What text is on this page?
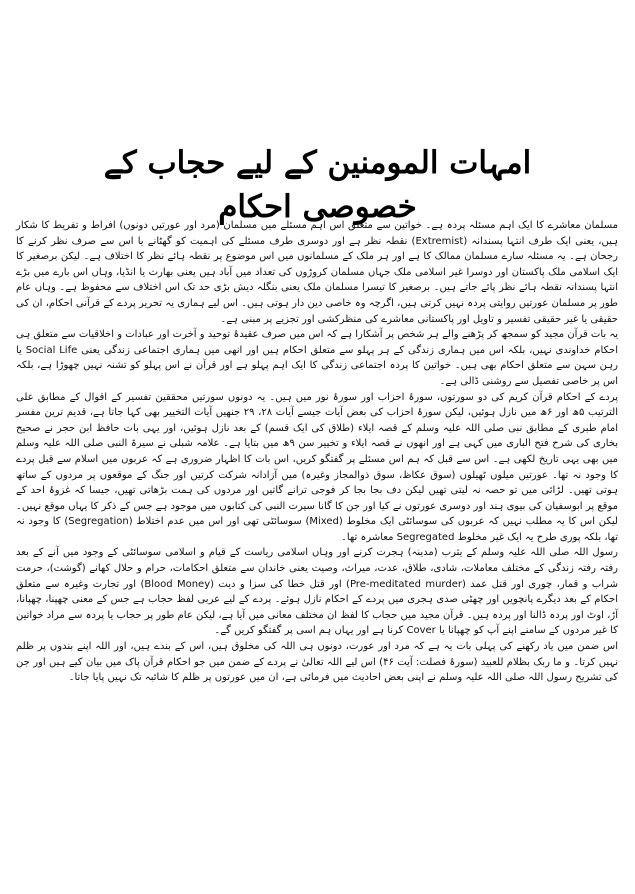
امہات المومنین کے لیے حجاب کے خصوصی احکام

مسلمان معاشرے کا ایک اہم مسئلہ پردہ ہے۔ خواتین سے متعلق اس اہم مسئلے میں مسلمان (مرد اور عورتیں دونوں) افراط و تفریط کا شکار ہیں، یعنی ایک طرف انتہا پسندانہ (Extremist) نقطہ نظر ہے اور دوسری طرف مسئلے کی اہمیت کو گھٹانے یا اس سے صرف نظر کرنے کا رجحان ہے۔ یہ مسئلہ سارے مسلمان ممالک کا ہے اور ہر ملک کے مسلمانوں میں اس موضوع پر نقطہ ہائے نظر کا اختلاف ہے۔ لیکن برصغیر کا ایک اسلامی ملک پاکستان اور دوسرا غیر اسلامی ملک جہاں مسلمان کروڑوں کی تعداد میں آباد ہیں یعنی بھارت یا انڈیا، وہاں اس بارے میں بڑے انتہا پسندانہ نقطہ ہائے نظر پائے جاتے ہیں۔ برصغیر کا تیسرا مسلمان ملک یعنی بنگلہ دیش بڑی حد تک اس اختلاف سے محفوظ ہے۔ وہاں عام طور پر مسلمان عورتیں روایتی پردہ نہیں کرتی ہیں، اگرچہ وہ خاصی دین دار ہوتی ہیں۔ اس لیے ہماری یہ تحریر پردے کے قرآنی احکام، ان کی حقیقی یا غیر حقیقی تفسیر و تاویل اور پاکستانی معاشرے کی منظرکشی اور تجزیے پر مبنی ہے۔

یہ بات قرآن مجید کو سمجھ کر پڑھنے والے ہر شخص پر آشکارا ہے کہ اس میں صرف عقیدۂ توحید و آخرت اور عبادات و اخلاقیات سے متعلق ہی احکام خداوندی نہیں، بلکہ اس میں ہماری زندگی کے ہر پہلو سے متعلق احکام ہیں اور انھی میں ہماری اجتماعی زندگی یعنی Social Life یا رہن سہن سے متعلق احکام بھی ہیں۔ خواتین کا پردہ اجتماعی زندگی کا ایک اہم پہلو ہے اور قرآن نے اس پہلو کو تشنہ نہیں چھوڑا ہے، بلکہ اس پر خاصی تفصیل سے روشنی ڈالی ہے۔

پردے کے احکام قرآن کریم کی دو سورتوں، سورۂ احزاب اور سورۂ نور میں ہیں۔ یہ دونوں سورتیں محققین تفسیر کے اقوال کے مطابق علی الترتیب ۵ھ اور ۶ھ میں نازل ہوئیں، لیکن سورۂ احزاب کی بعض آیات جیسے آیات ۲۸، ۲۹ جنھیں آیات التخییر بھی کہا جاتا ہے، قدیم ترین مفسر امام طبری کے مطابق نبی صلی اللہ علیہ وسلم کے قصہ ایلاء (طلاق کی ایک قسم) کے بعد نازل ہوئیں، اور یہی بات حافظ ابن حجر نے صحیح بخاری کی شرح فتح الباری میں کہی ہے اور انھوں نے قصہ ایلاء و تخییر سن ۹ھ میں بتایا ہے۔ علامہ شبلی نے سیرۃ النبی صلی اللہ علیہ وسلم میں بھی یہی تاریخ لکھی ہے۔ اس سے قبل کہ ہم اس مسئلے پر گفتگو کریں، اس بات کا اظہار ضروری ہے کہ عربوں میں اسلام سے قبل پردے کا وجود نہ تھا۔ عورتیں میلوں ٹھیلوں (سوق عکاظ، سوق ذوالمجاز وغیرہ) میں آزادانہ شرکت کرتیں اور جنگ کے موقعوں پر مردوں کے ساتھ ہوتی تھیں۔ لڑائی میں تو حصہ نہ لیتی تھیں لیکن دف بجا بجا کر فوجی ترانے گاتیں اور مردوں کی ہمت بڑھاتی تھیں، جیسا کہ غزوۂ احد کے موقع پر ابوسفیان کی بیوی ہند اور دوسری عورتوں نے کیا اور جن کا گانا سیرت النبی کی کتابوں میں موجود ہے جس کے ذکر کا یہاں موقع نہیں۔ لیکن اس کا یہ مطلب نہیں کہ عربوں کی سوسائٹی ایک مخلوط (Mixed) سوسائٹی تھی اور اس میں عدم اختلاط (Segregation) کا وجود نہ تھا، بلکہ پوری طرح یہ ایک غیر مخلوط Segregated معاشرہ تھا۔

رسول اللہ صلی اللہ علیہ وسلم کے یثرب (مدینہ) ہجرت کرنے اور وہاں اسلامی ریاست کے قیام و اسلامی سوسائٹی کے وجود میں آنے کے بعد رفتہ رفتہ زندگی کے مختلف معاملات، شادی، طلاق، عدت، میراث، وصیت یعنی خاندان سے متعلق احکامات، حرام و حلال کھانے (گوشت)، حرمت شراب و قمار، چوری اور قتل عمد (Pre-meditated murder) اور قتل خطا کی سزا و دیت (Blood Money) اور تجارت وغیرہ سے متعلق احکام کے بعد دیگرے پانچویں اور چھٹی صدی ہجری میں پردے کے احکام نازل ہوئے۔ پردے کے لیے عربی لفظ حجاب ہے جس کے معنی چھپنا، چھپانا، آڑ، اوٹ اور پردہ ڈالنا اور پردہ ہیں۔ قرآن مجید میں حجاب کا لفظ ان مختلف معانی میں آیا ہے، لیکن عام طور پر حجاب یا پردہ سے مراد خواتین کا غیر مردوں کے سامنے اپنے آپ کو چھپانا یا Cover کرنا ہے اور یہاں ہم اسی پر گفتگو کریں گے۔

اس ضمن میں یاد رکھنے کی پہلی بات یہ ہے کہ مرد اور عورت، دونوں ہی اللہ کی مخلوق ہیں، اس کے بندے ہیں، اور اللہ اپنے بندوں پر ظلم نہیں کرتا۔ و ما ربک بظلام للعبید (سورۂ فصلت: آیت ۴۶) اس لیے اللہ تعالیٰ نے پردے کے ضمن میں جو احکام قرآن پاک میں بیان کیے ہیں اور جن کی تشریح رسول اللہ صلی اللہ علیہ وسلم نے اپنی بعض احادیث میں فرمائی ہے، ان میں عورتوں پر ظلم کا شائبہ تک نہیں پایا جاتا۔
